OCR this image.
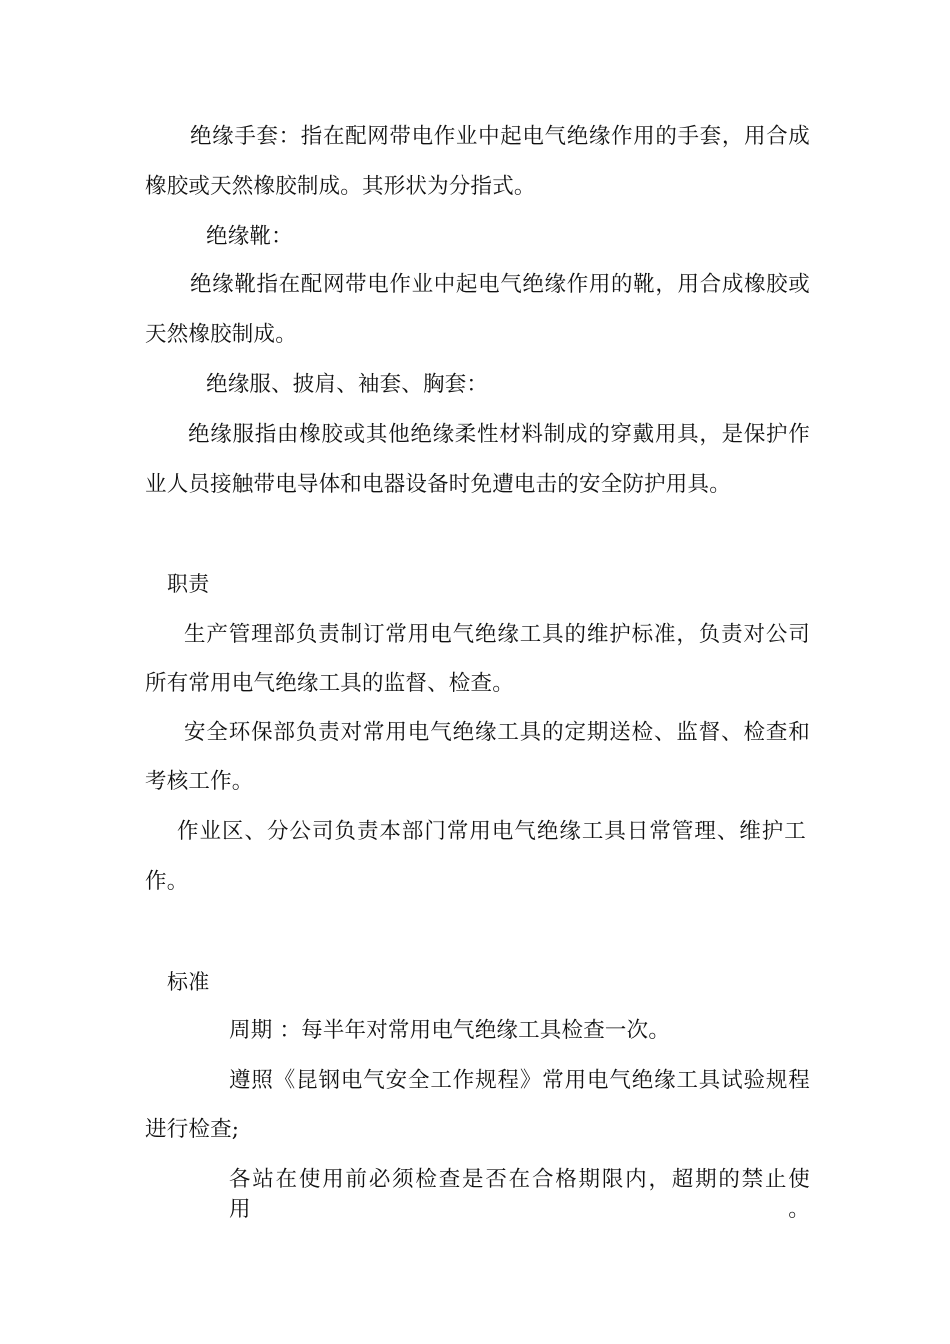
绝缘手套：指在配网带电作业中起电气绝缘作用的手套，用合成
橡胶或天然橡胶制成。其形状为分指式。
绝缘靴：
绝缘靴指在配网带电作业中起电气绝缘作用的靴，用合成橡胶或
天然橡胶制成。
绝缘服、披肩、袖套、胸套：
绝缘服指由橡胶或其他绝缘柔性材料制成的穿戴用具，是保护作
业人员接触带电导体和电器设备时免遭电击的安全防护用具。
职责
生产管理部负责制订常用电气绝缘工具的维护标准，负责对公司
所有常用电气绝缘工具的监督、检查。
安全环保部负责对常用电气绝缘工具的定期送检、监督、检查和
考核工作。
作业区、分公司负责本部门常用电气绝缘工具日常管理、维护工
作。
标准
周期 ：每半年对常用电气绝缘工具检查一次。
遵照《昆钢电气安全工作规程》常用电气绝缘工具试验规程
进行检查;
各站在使用前必须检查是否在合格期限内，超期的禁止使用。
